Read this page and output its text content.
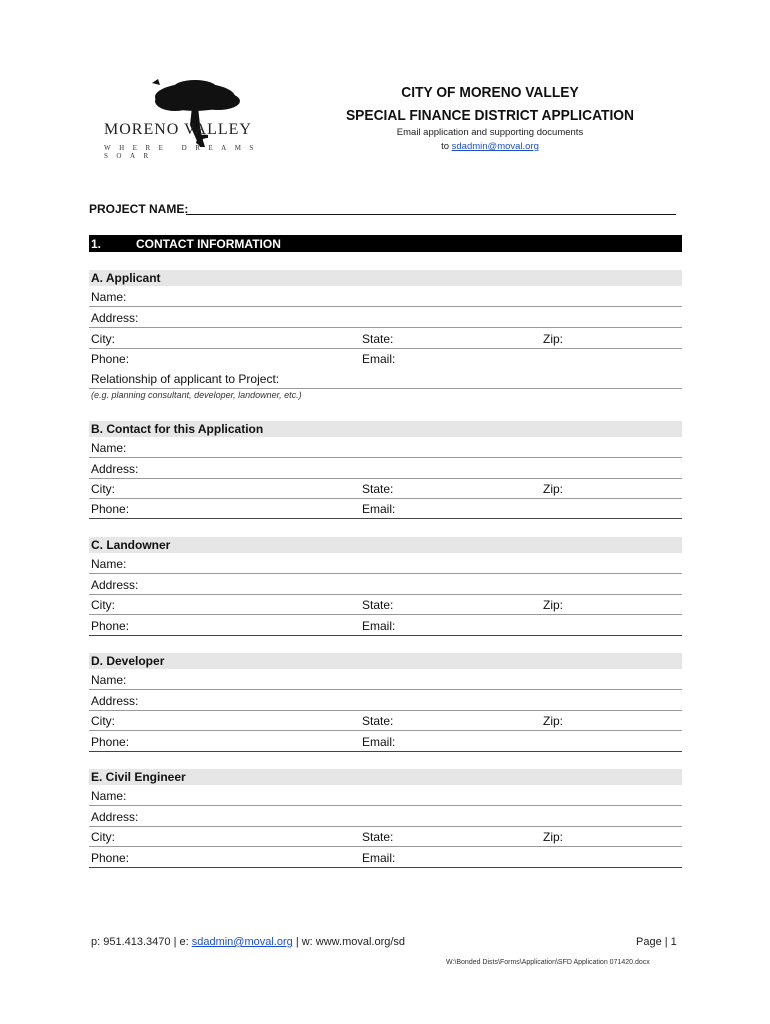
MORENO VALLEY
WHERE DREAMS SOAR
CITY OF MORENO VALLEY
SPECIAL FINANCE DISTRICT APPLICATION
Email application and supporting documents
to sdadmin@moval.org
PROJECT NAME:
1.	CONTACT INFORMATION
A. Applicant
Name:
Address:
City:	State:	Zip:
Phone:	Email:
Relationship of applicant to Project:
(e.g. planning consultant, developer, landowner, etc.)
B. Contact for this Application
Name:
Address:
City:	State:	Zip:
Phone:	Email:
C. Landowner
Name:
Address:
City:	State:	Zip:
Phone:	Email:
D. Developer
Name:
Address:
City:	State:	Zip:
Phone:	Email:
E. Civil Engineer
Name:
Address:
City:	State:	Zip:
Phone:	Email:
p: 951.413.3470 | e: sdadmin@moval.org | w: www.moval.org/sd	Page | 1
W:\Bonded Dists\Forms\Application\SFD Application 071420.docx
